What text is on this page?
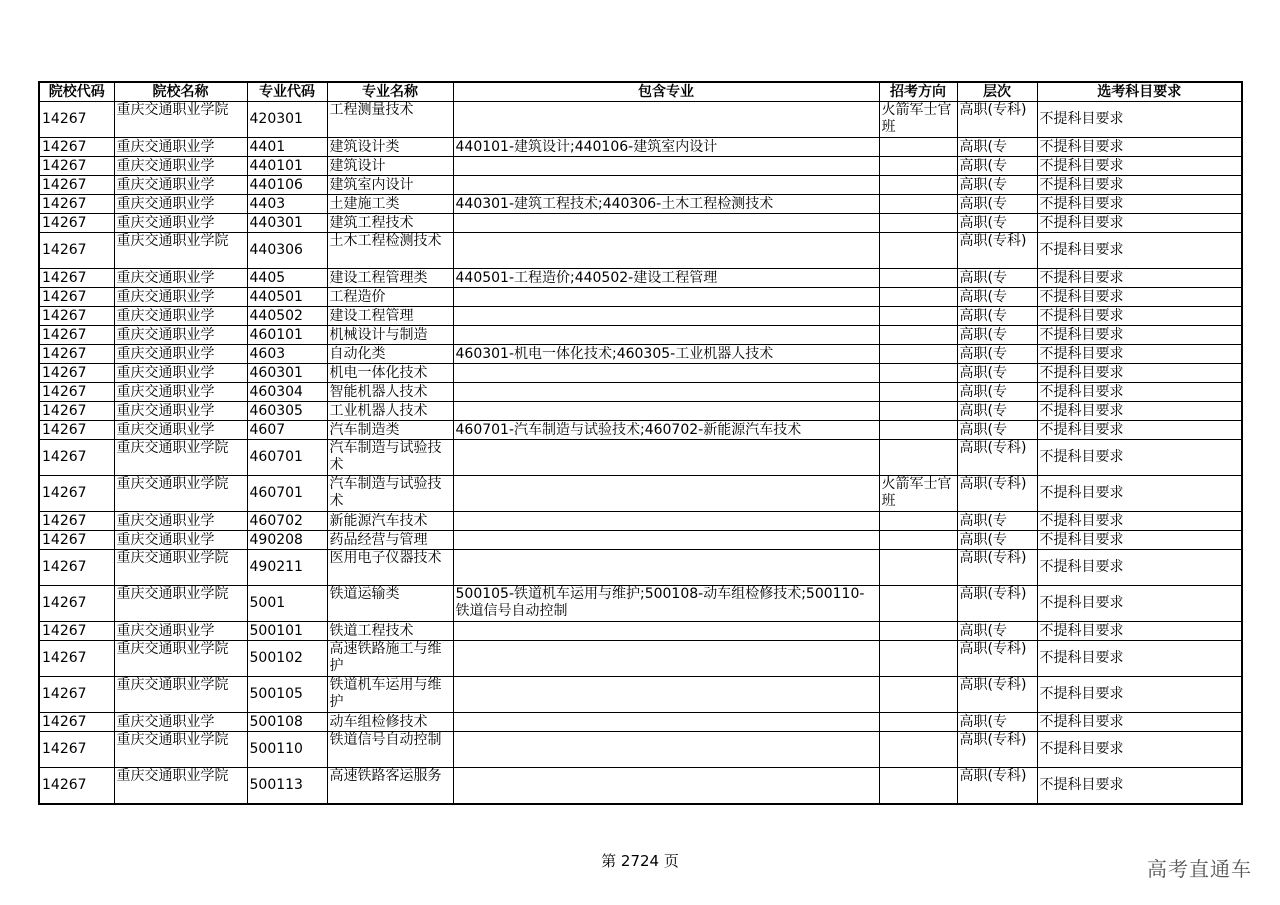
院校代码	院校名称	专业代码	专业名称	包含专业	招考方向	层次	选考科目要求
14267	重庆交通职业学院	420301	工程测量技术		火箭军士官班	高职(专科)	不提科目要求
14267	重庆交通职业学	4401	建筑设计类	440101-建筑设计;440106-建筑室内设计		高职(专	不提科目要求
14267	重庆交通职业学	440101	建筑设计			高职(专	不提科目要求
14267	重庆交通职业学	440106	建筑室内设计			高职(专	不提科目要求
14267	重庆交通职业学	4403	土建施工类	440301-建筑工程技术;440306-土木工程检测技术		高职(专	不提科目要求
14267	重庆交通职业学	440301	建筑工程技术			高职(专	不提科目要求
14267	重庆交通职业学院	440306	土木工程检测技术			高职(专科)	不提科目要求
14267	重庆交通职业学	4405	建设工程管理类	440501-工程造价;440502-建设工程管理		高职(专	不提科目要求
14267	重庆交通职业学	440501	工程造价			高职(专	不提科目要求
14267	重庆交通职业学	440502	建设工程管理			高职(专	不提科目要求
14267	重庆交通职业学	460101	机械设计与制造			高职(专	不提科目要求
14267	重庆交通职业学	4603	自动化类	460301-机电一体化技术;460305-工业机器人技术		高职(专	不提科目要求
14267	重庆交通职业学	460301	机电一体化技术			高职(专	不提科目要求
14267	重庆交通职业学	460304	智能机器人技术			高职(专	不提科目要求
14267	重庆交通职业学	460305	工业机器人技术			高职(专	不提科目要求
14267	重庆交通职业学	4607	汽车制造类	460701-汽车制造与试验技术;460702-新能源汽车技术		高职(专	不提科目要求
14267	重庆交通职业学院	460701	汽车制造与试验技术			高职(专科)	不提科目要求
14267	重庆交通职业学院	460701	汽车制造与试验技术		火箭军士官班	高职(专科)	不提科目要求
14267	重庆交通职业学	460702	新能源汽车技术			高职(专	不提科目要求
14267	重庆交通职业学	490208	药品经营与管理			高职(专	不提科目要求
14267	重庆交通职业学院	490211	医用电子仪器技术			高职(专科)	不提科目要求
14267	重庆交通职业学院	5001	铁道运输类	500105-铁道机车运用与维护;500108-动车组检修技术;500110-铁道信号自动控制		高职(专科)	不提科目要求
14267	重庆交通职业学	500101	铁道工程技术			高职(专	不提科目要求
14267	重庆交通职业学院	500102	高速铁路施工与维护			高职(专科)	不提科目要求
14267	重庆交通职业学院	500105	铁道机车运用与维护			高职(专科)	不提科目要求
14267	重庆交通职业学	500108	动车组检修技术			高职(专	不提科目要求
14267	重庆交通职业学院	500110	铁道信号自动控制			高职(专科)	不提科目要求
14267	重庆交通职业学院	500113	高速铁路客运服务			高职(专科)	不提科目要求
第 2724 页	高考直通车
